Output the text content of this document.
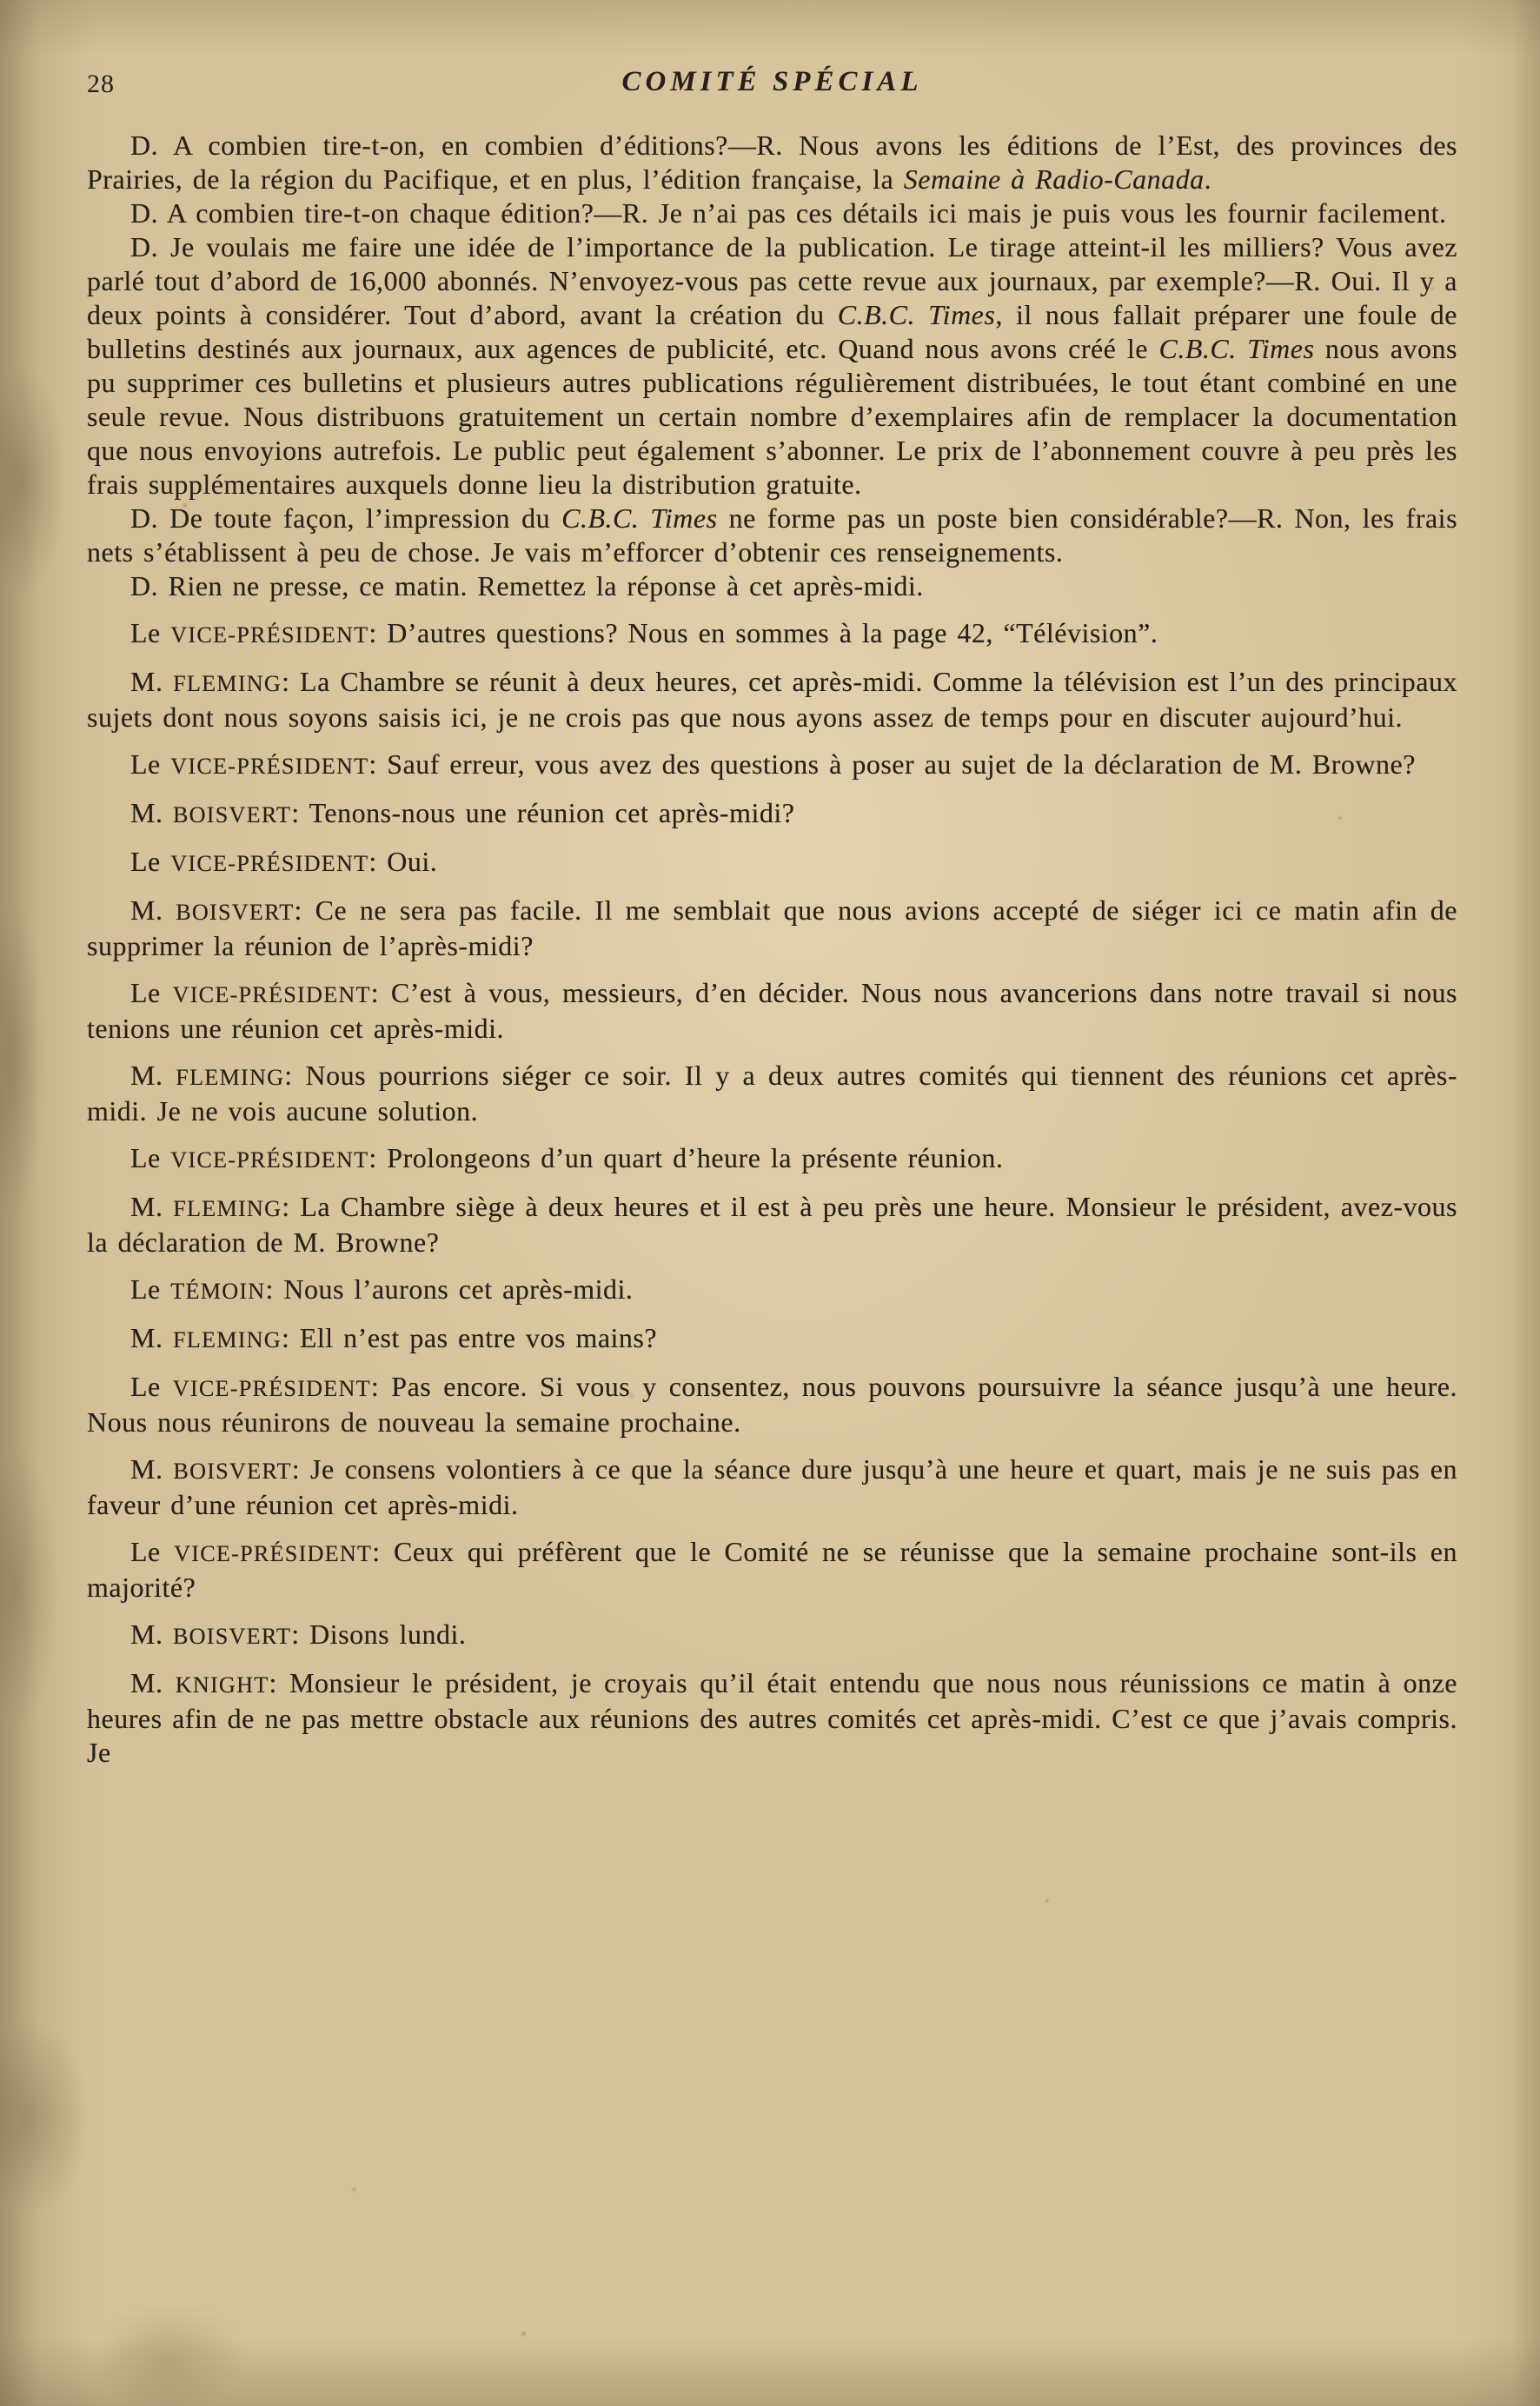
28	COMITÉ SPÉCIAL

D. A combien tire-t-on, en combien d’éditions?—R. Nous avons les éditions de l’Est, des provinces des Prairies, de la région du Pacifique, et en plus, l’édition française, la Semaine à Radio-Canada.

D. A combien tire-t-on chaque édition?—R. Je n’ai pas ces détails ici mais je puis vous les fournir facilement.

D. Je voulais me faire une idée de l’importance de la publication. Le tirage atteint-il les milliers? Vous avez parlé tout d’abord de 16,000 abonnés. N’envoyez-vous pas cette revue aux journaux, par exemple?—R. Oui. Il y a deux points à considérer. Tout d’abord, avant la création du C.B.C. Times, il nous fallait préparer une foule de bulletins destinés aux journaux, aux agences de publicité, etc. Quand nous avons créé le C.B.C. Times nous avons pu supprimer ces bulletins et plusieurs autres publications régulièrement distribuées, le tout étant combiné en une seule revue. Nous distribuons gratuitement un certain nombre d’exemplaires afin de remplacer la documentation que nous envoyions autrefois. Le public peut également s’abonner. Le prix de l’abonnement couvre à peu près les frais supplémentaires auxquels donne lieu la distribution gratuite.

D. De toute façon, l’impression du C.B.C. Times ne forme pas un poste bien considérable?—R. Non, les frais nets s’établissent à peu de chose. Je vais m’efforcer d’obtenir ces renseignements.

D. Rien ne presse, ce matin. Remettez la réponse à cet après-midi.

Le VICE-PRÉSIDENT: D’autres questions? Nous en sommes à la page 42, “Télévision”.

M. FLEMING: La Chambre se réunit à deux heures, cet après-midi. Comme la télévision est l’un des principaux sujets dont nous soyons saisis ici, je ne crois pas que nous ayons assez de temps pour en discuter aujourd’hui.

Le VICE-PRÉSIDENT: Sauf erreur, vous avez des questions à poser au sujet de la déclaration de M. Browne?

M. BOISVERT: Tenons-nous une réunion cet après-midi?

Le VICE-PRÉSIDENT: Oui.

M. BOISVERT: Ce ne sera pas facile. Il me semblait que nous avions accepté de siéger ici ce matin afin de supprimer la réunion de l’après-midi?

Le VICE-PRÉSIDENT: C’est à vous, messieurs, d’en décider. Nous nous avancerions dans notre travail si nous tenions une réunion cet après-midi.

M. FLEMING: Nous pourrions siéger ce soir. Il y a deux autres comités qui tiennent des réunions cet après-midi. Je ne vois aucune solution.

Le VICE-PRÉSIDENT: Prolongeons d’un quart d’heure la présente réunion.

M. FLEMING: La Chambre siège à deux heures et il est à peu près une heure. Monsieur le président, avez-vous la déclaration de M. Browne?

Le TÉMOIN: Nous l’aurons cet après-midi.

M. FLEMING: Ell n’est pas entre vos mains?

Le VICE-PRÉSIDENT: Pas encore. Si vous y consentez, nous pouvons poursuivre la séance jusqu’à une heure. Nous nous réunirons de nouveau la semaine prochaine.

M. BOISVERT: Je consens volontiers à ce que la séance dure jusqu’à une heure et quart, mais je ne suis pas en faveur d’une réunion cet après-midi.

Le VICE-PRÉSIDENT: Ceux qui préfèrent que le Comité ne se réunisse que la semaine prochaine sont-ils en majorité?

M. BOISVERT: Disons lundi.

M. KNIGHT: Monsieur le président, je croyais qu’il était entendu que nous nous réunissions ce matin à onze heures afin de ne pas mettre obstacle aux réunions des autres comités cet après-midi. C’est ce que j’avais compris. Je
